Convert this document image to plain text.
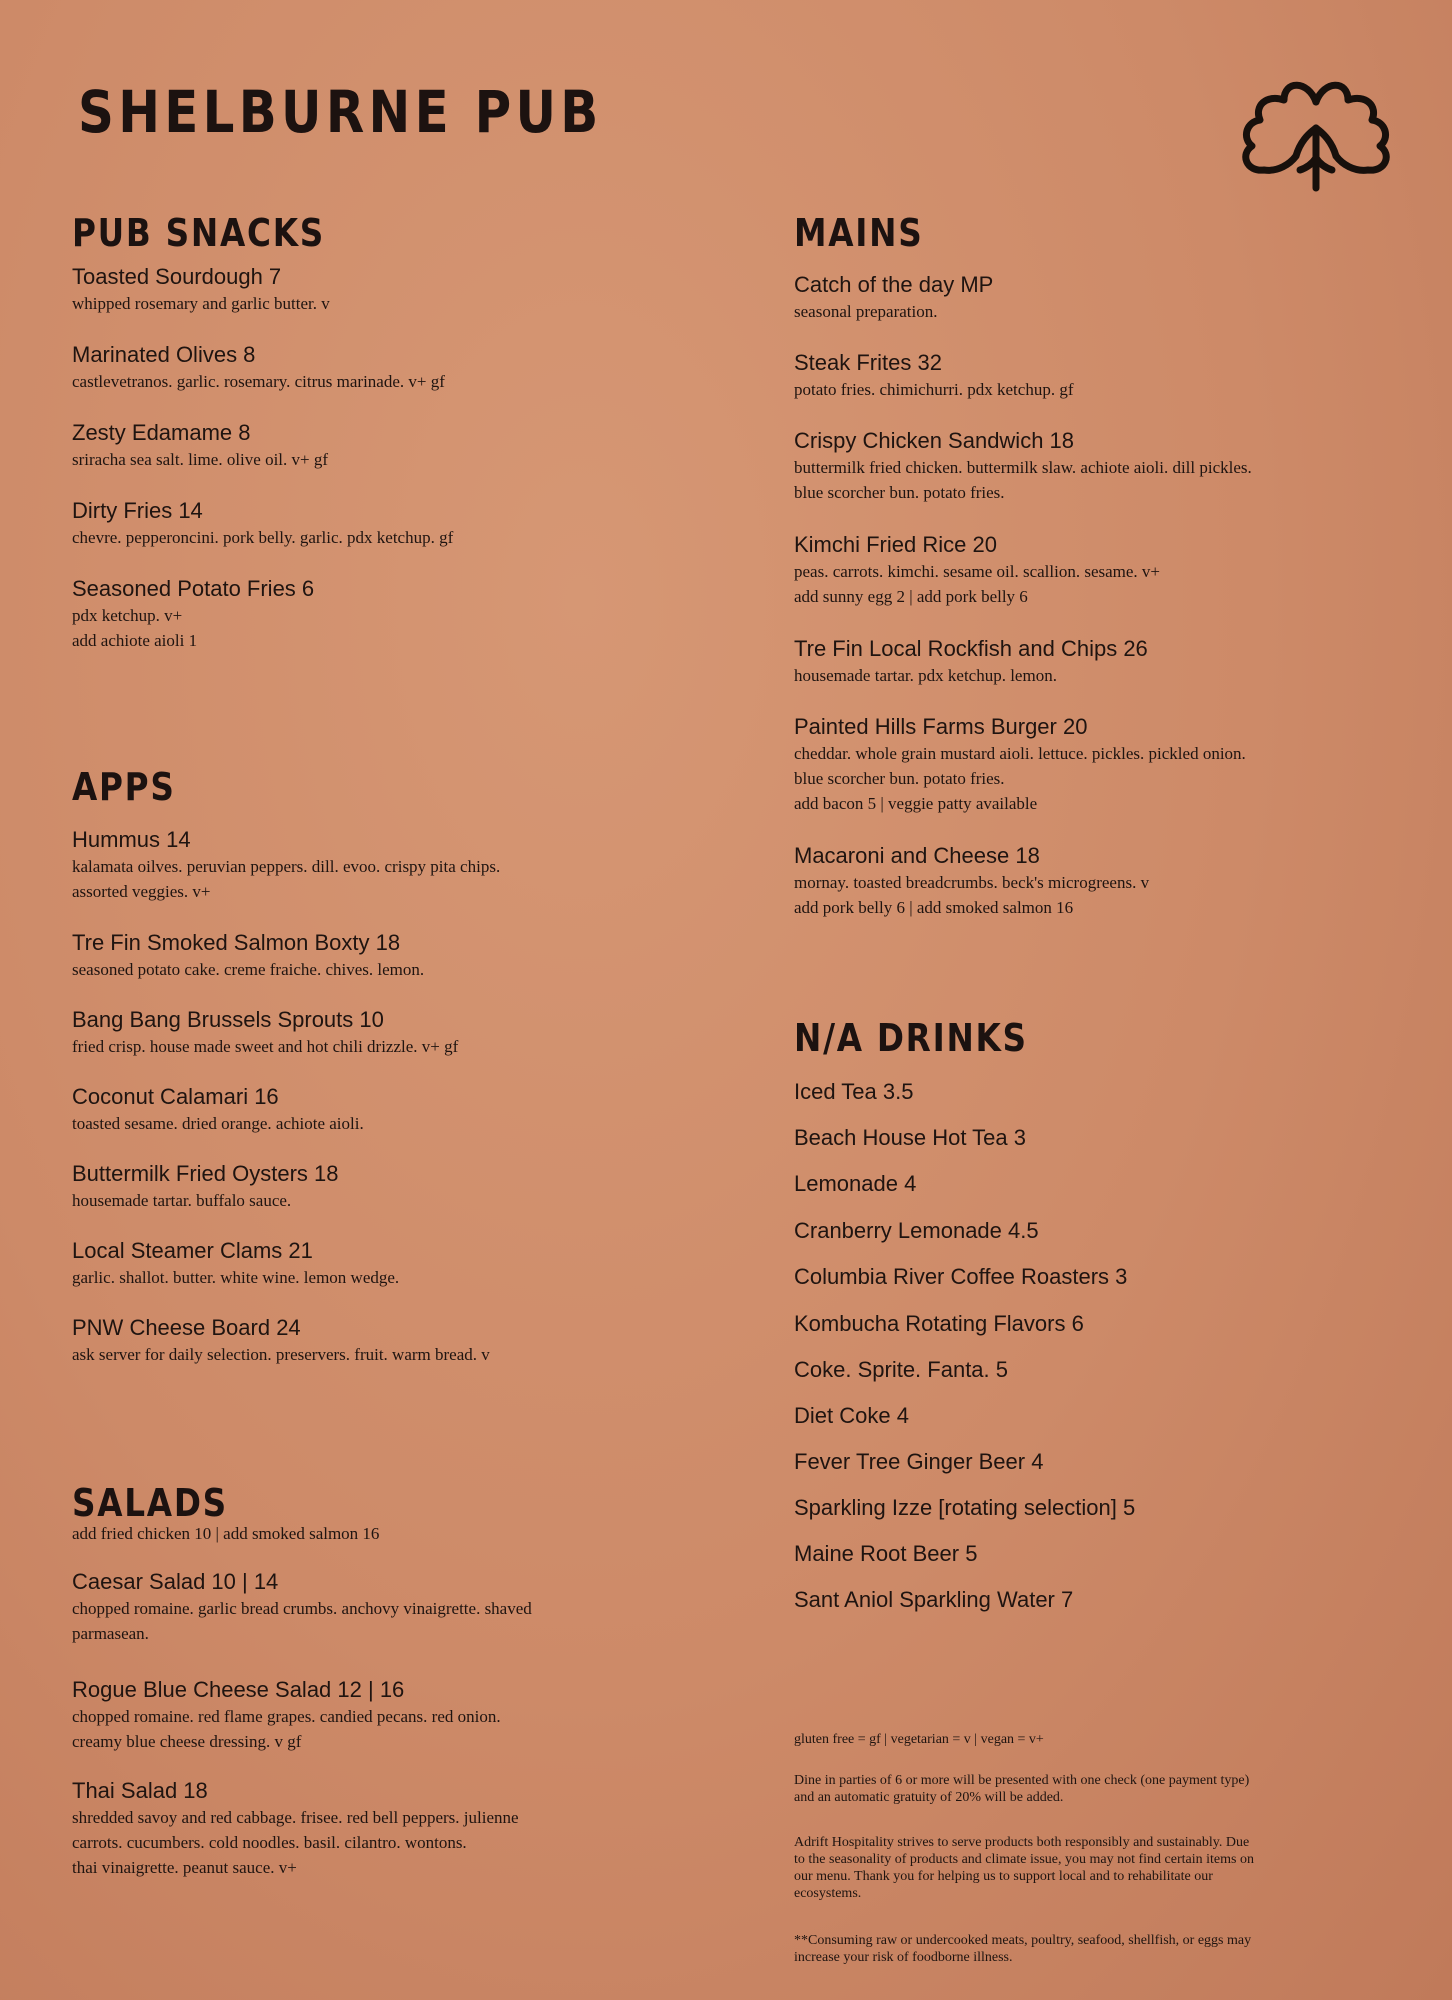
SHELBURNE PUB
PUB SNACKS
Toasted Sourdough 7
whipped rosemary and garlic butter. v
Marinated Olives 8
castlevetranos. garlic. rosemary. citrus marinade. v+ gf
Zesty Edamame 8
sriracha sea salt. lime. olive oil. v+ gf
Dirty Fries 14
chevre. pepperoncini. pork belly. garlic. pdx ketchup. gf
Seasoned Potato Fries 6
pdx ketchup. v+
add achiote aioli 1
APPS
Hummus 14
kalamata oilves. peruvian peppers. dill. evoo. crispy pita chips.
assorted veggies. v+
Tre Fin Smoked Salmon Boxty 18
seasoned potato cake. creme fraiche. chives. lemon.
Bang Bang Brussels Sprouts 10
fried crisp. house made sweet and hot chili drizzle. v+ gf
Coconut Calamari 16
toasted sesame. dried orange. achiote aioli.
Buttermilk Fried Oysters 18
housemade tartar. buffalo sauce.
Local Steamer Clams 21
garlic. shallot. butter. white wine. lemon wedge.
PNW Cheese Board 24
ask server for daily selection. preservers. fruit. warm bread. v
SALADS
add fried chicken 10 | add smoked salmon 16
Caesar Salad 10 | 14
chopped romaine. garlic bread crumbs. anchovy vinaigrette. shaved
parmasean.
Rogue Blue Cheese Salad 12 | 16
chopped romaine. red flame grapes. candied pecans. red onion.
creamy blue cheese dressing. v gf
Thai Salad 18
shredded savoy and red cabbage. frisee. red bell peppers. julienne
carrots. cucumbers. cold noodles. basil. cilantro. wontons.
thai vinaigrette. peanut sauce. v+
MAINS
Catch of the day MP
seasonal preparation.
Steak Frites 32
potato fries. chimichurri. pdx ketchup. gf
Crispy Chicken Sandwich 18
buttermilk fried chicken. buttermilk slaw. achiote aioli. dill pickles.
blue scorcher bun. potato fries.
Kimchi Fried Rice 20
peas. carrots. kimchi. sesame oil. scallion. sesame. v+
add sunny egg 2 | add pork belly 6
Tre Fin Local Rockfish and Chips 26
housemade tartar. pdx ketchup. lemon.
Painted Hills Farms Burger 20
cheddar. whole grain mustard aioli. lettuce. pickles. pickled onion.
blue scorcher bun. potato fries.
add bacon 5 | veggie patty available
Macaroni and Cheese 18
mornay. toasted breadcrumbs. beck's microgreens. v
add pork belly 6 | add smoked salmon 16
N/A DRINKS
Iced Tea 3.5
Beach House Hot Tea 3
Lemonade 4
Cranberry Lemonade 4.5
Columbia River Coffee Roasters 3
Kombucha Rotating Flavors 6
Coke. Sprite. Fanta. 5
Diet Coke 4
Fever Tree Ginger Beer 4
Sparkling Izze [rotating selection] 5
Maine Root Beer 5
Sant Aniol Sparkling Water 7
gluten free = gf | vegetarian = v | vegan = v+
Dine in parties of 6 or more will be presented with one check (one payment type)
and an automatic gratuity of 20% will be added.
Adrift Hospitality strives to serve products both responsibly and sustainably. Due
to the seasonality of products and climate issue, you may not find certain items on
our menu. Thank you for helping us to support local and to rehabilitate our
ecosystems.
**Consuming raw or undercooked meats, poultry, seafood, shellfish, or eggs may
increase your risk of foodborne illness.
